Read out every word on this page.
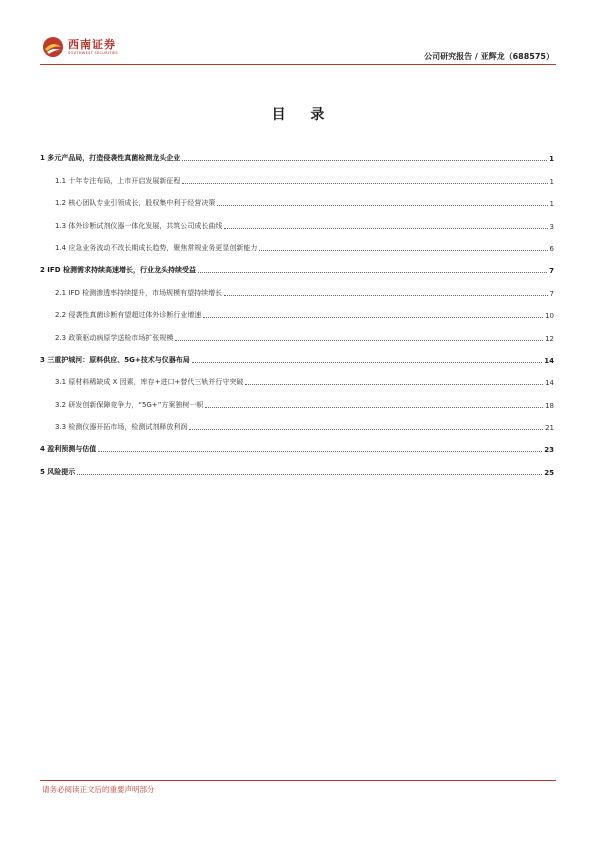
西南证券
SOUTHWEST SECURITIES	公司研究报告 / 亚辉龙（688575）
目 录
1 多元产品局，打造侵袭性真菌检测龙头企业	1
1.1 十年专注布局，上市开启发展新征程	1
1.2 核心团队专业引领成长，股权集中利于经营决策	1
1.3 体外诊断试剂仪器一体化发展，共筑公司成长曲线	3
1.4 应急业务波动不改长期成长趋势，聚焦常规业务更显创新能力	6
2 IFD 检测需求持续高速增长，行业龙头持续受益	7
2.1 IFD 检测渗透率持续提升，市场规模有望持续增长	7
2.2 侵袭性真菌诊断有望超过体外诊断行业增速	10
2.3 政策驱动病原学送检市场扩张规模	12
3 三重护城河：原料供应、5G+技术与仪器布局	14
3.1 原材料稀缺成 X 因素，库存+进口+替代三轨并行守突破	14
3.2 研发创新保障竞争力，“5G+”方案独树一帜	18
3.3 检测仪器开拓市场，检测试剂释放利润	21
4 盈利预测与估值	23
5 风险提示	25
请务必阅读正文后的重要声明部分
